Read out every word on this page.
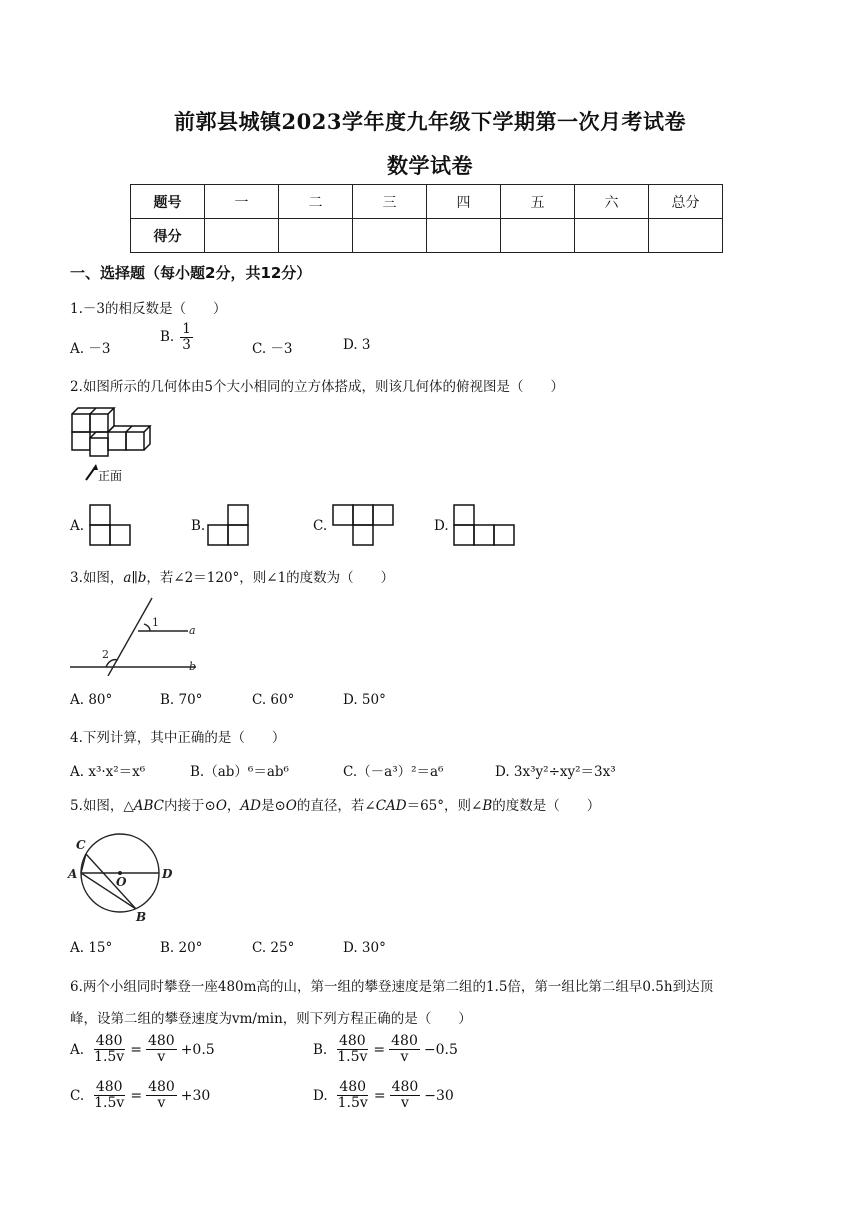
前郭县城镇2023学年度九年级下学期第一次月考试卷
数学试卷
题号	一	二	三	四	五	六	总分
得分							
一、选择题（每小题2分，共12分）
1.－3的相反数是（　　）
A. －3
B. $\frac{1}{3}$	C. －3	D. 3
2.如图所示的几何体由5个大小相同的立方体搭成，则该几何体的俯视图是（　　）
正面
A.	B.	C.	D.
3.如图，a∥b，若∠2＝120°，则∠1的度数为（　　）
1
a
2
b
A. 80°	B. 70°	C. 60°	D. 50°
4.下列计算，其中正确的是（　　）
A. x³·x²＝x⁶	B.（ab）⁶＝ab⁶	C.（－a³）²＝a⁶	D. 3x³y²÷xy²＝3x³
5.如图，△ABC内接于⊙O，AD是⊙O的直径，若∠CAD＝65°，则∠B的度数是（　　）
C
A
O
D
B
A. 15°	B. 20°	C. 25°	D. 30°
6.两个小组同时攀登一座480m高的山，第一组的攀登速度是第二组的1.5倍，第一组比第二组早0.5h到达顶
峰，设第二组的攀登速度为vm/min，则下列方程正确的是（　　）
A. $\frac{480}{1.5v} = \frac{480}{v} +0.5$	B. $\frac{480}{1.5v} = \frac{480}{v} -0.5$
C. $\frac{480}{1.5v} = \frac{480}{v} +30$	D. $\frac{480}{1.5v} = \frac{480}{v} -30$
